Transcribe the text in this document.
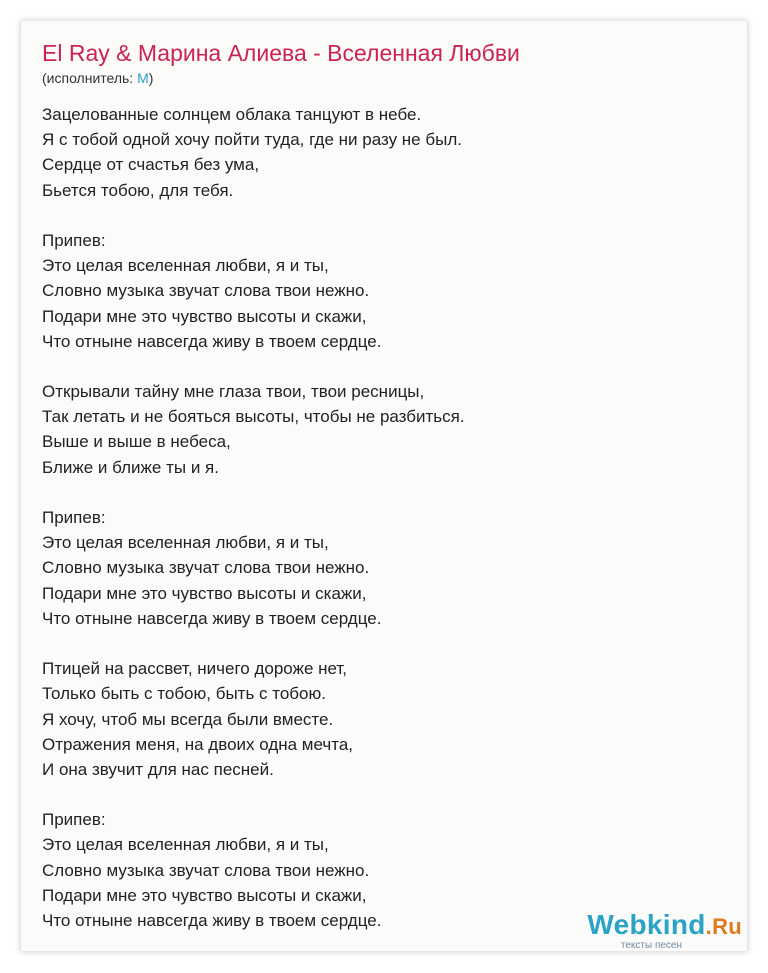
El Ray & Марина Алиева - Вселенная Любви
(исполнитель: М)
Зацелованные солнцем облака танцуют в небе.
Я с тобой одной хочу пойти туда, где ни разу не был.
Сердце от счастья без ума,
Бьется тобою, для тебя.
Припев:
Это целая вселенная любви, я и ты,
Словно музыка звучат слова твои нежно.
Подари мне это чувство высоты и скажи,
Что отныне навсегда живу в твоем сердце.
Открывали тайну мне глаза твои, твои ресницы,
Так летать и не бояться высоты, чтобы не разбиться.
Выше и выше в небеса,
Ближе и ближе ты и я.
Припев:
Это целая вселенная любви, я и ты,
Словно музыка звучат слова твои нежно.
Подари мне это чувство высоты и скажи,
Что отныне навсегда живу в твоем сердце.
Птицей на рассвет, ничего дороже нет,
Только быть с тобою, быть с тобою.
Я хочу, чтоб мы всегда были вместе.
Отражения меня, на двоих одна мечта,
И она звучит для нас песней.
Припев:
Это целая вселенная любви, я и ты,
Словно музыка звучат слова твои нежно.
Подари мне это чувство высоты и скажи,
Что отныне навсегда живу в твоем сердце.	Webkind.Ru
тексты песен
